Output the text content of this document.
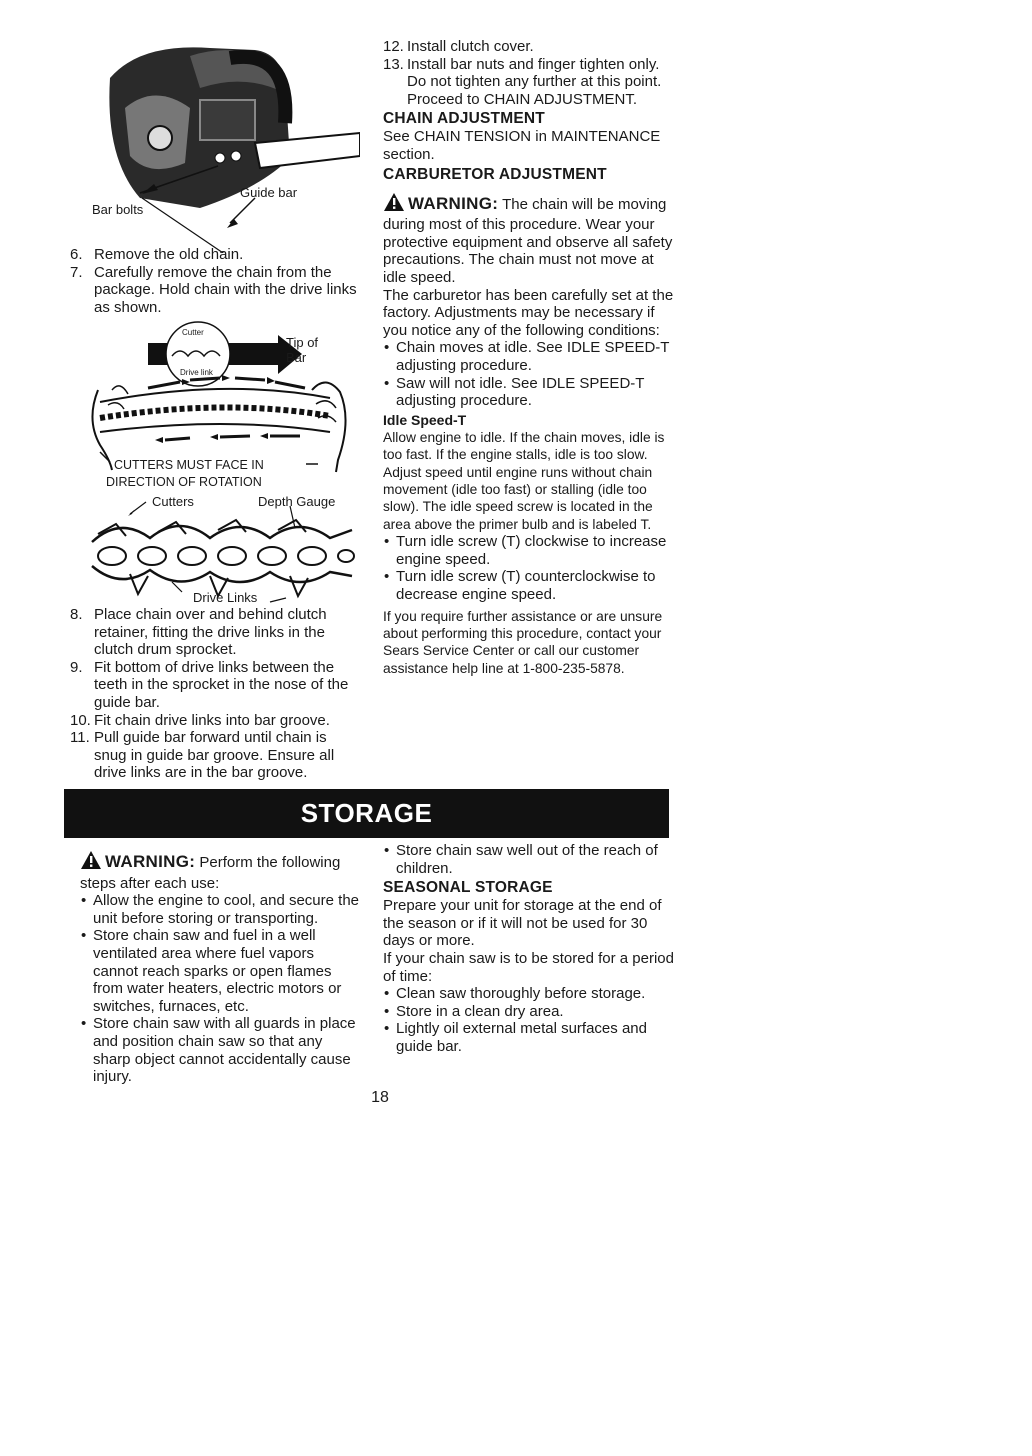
Bar bolts
Guide bar
6. Remove the old chain.
7. Carefully remove the chain from the package. Hold chain with the drive links as shown.
Cutter
Drive link
Tip of Bar
CUTTERS MUST FACE IN
DIRECTION OF ROTATION
Cutters	Depth Gauge
Drive Links
8. Place chain over and behind clutch retainer, fitting the drive links in the clutch drum sprocket.
9. Fit bottom of drive links between the teeth in the sprocket in the nose of the guide bar.
10. Fit chain drive links into bar groove.
11. Pull guide bar forward until chain is snug in guide bar groove. Ensure all drive links are in the bar groove.
12. Install clutch cover.
13. Install bar nuts and finger tighten only. Do not tighten any further at this point. Proceed to CHAIN ADJUSTMENT.
CHAIN ADJUSTMENT

See CHAIN TENSION in MAINTENANCE section.

CARBURETOR ADJUSTMENT

WARNING: The chain will be moving during most of this procedure. Wear your protective equipment and observe all safety precautions. The chain must not move at idle speed.

The carburetor has been carefully set at the factory. Adjustments may be necessary if you notice any of the following conditions:

• Chain moves at idle. See IDLE SPEED-T adjusting procedure.
• Saw will not idle. See IDLE SPEED-T adjusting procedure.
Idle Speed-T

Allow engine to idle. If the chain moves, idle is too fast. If the engine stalls, idle is too slow. Adjust speed until engine runs without chain movement (idle too fast) or stalling (idle too slow). The idle speed screw is located in the area above the primer bulb and is labeled T.

• Turn idle screw (T) clockwise to increase engine speed.
• Turn idle screw (T) counterclockwise to decrease engine speed.

If you require further assistance or are unsure about performing this procedure, contact your Sears Service Center or call our customer assistance help line at 1-800-235-5878.

STORAGE

WARNING: Perform the following steps after each use:

• Allow the engine to cool, and secure the unit before storing or transporting.
• Store chain saw and fuel in a well ventilated area where fuel vapors cannot reach sparks or open flames from water heaters, electric motors or switches, furnaces, etc.
• Store chain saw with all guards in place and position chain saw so that any sharp object cannot accidentally cause injury.
• Store chain saw well out of the reach of children.
SEASONAL STORAGE

Prepare your unit for storage at the end of the season or if it will not be used for 30 days or more.

If your chain saw is to be stored for a period of time:

• Clean saw thoroughly before storage.
• Store in a clean dry area.
• Lightly oil external metal surfaces and guide bar.
18
